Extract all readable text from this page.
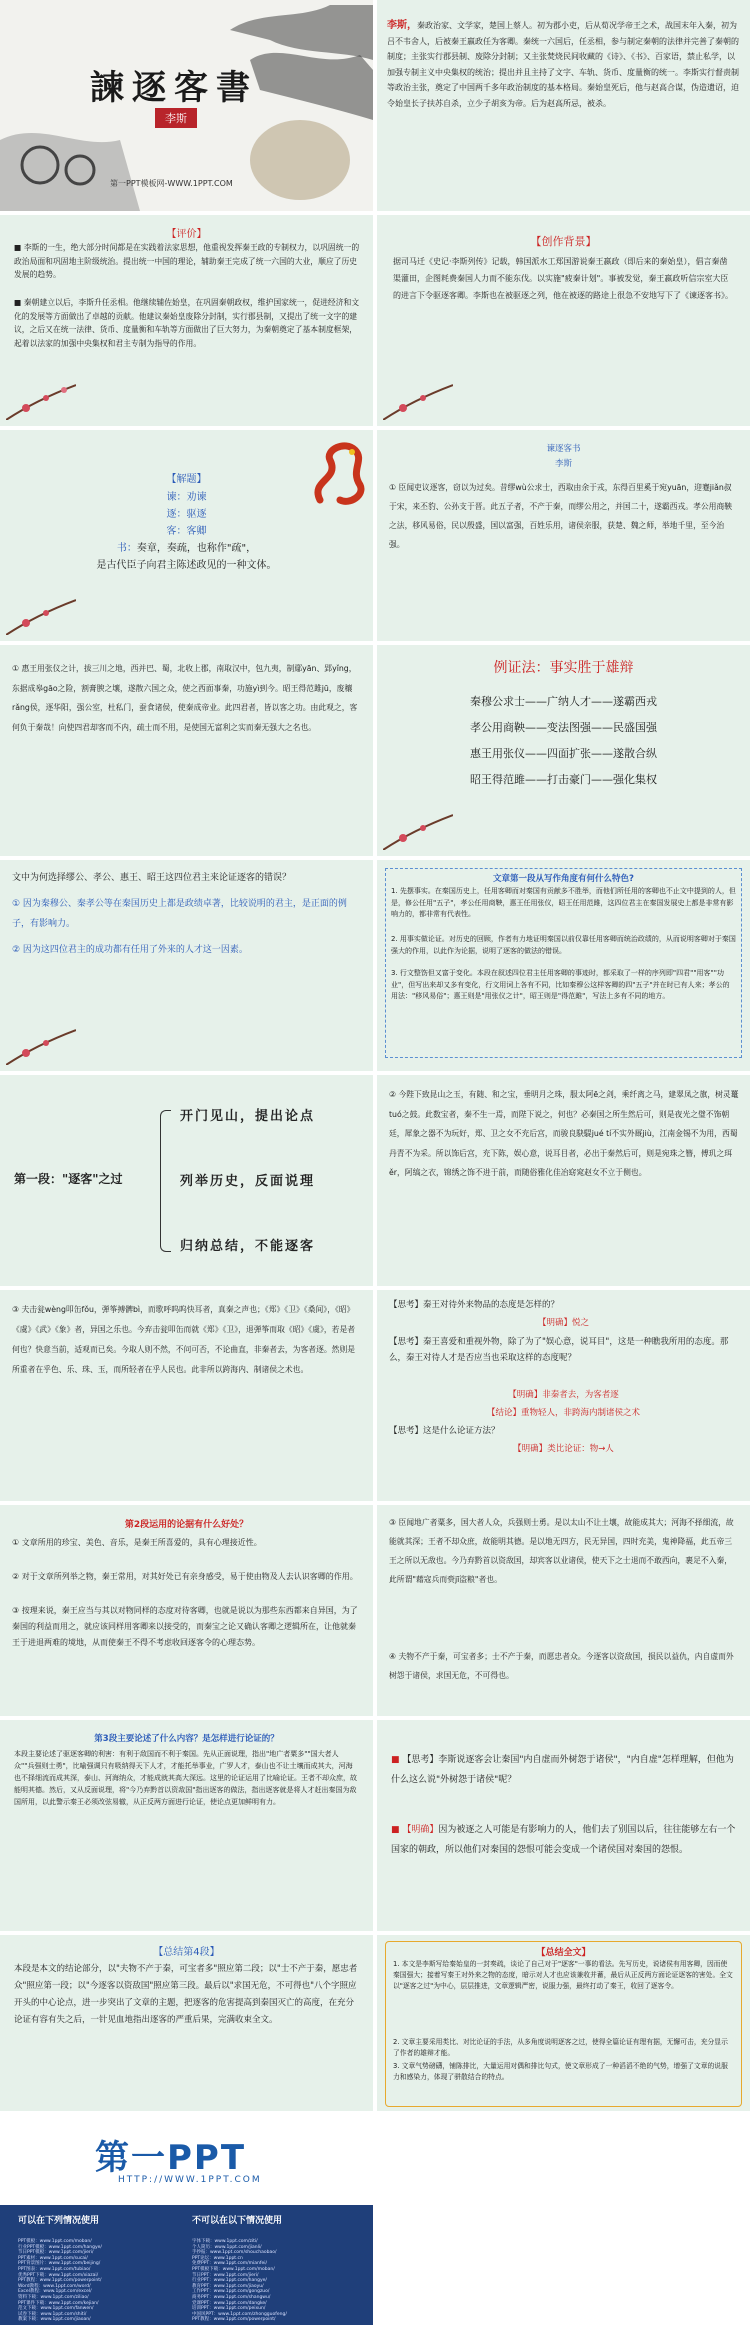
諫逐客書
李斯
第一PPT模板网-WWW.1PPT.COM
李斯，秦政治家、文学家，楚国上蔡人。初为郡小吏，后从荀况学帝王之术，战国末年入秦，初为吕不韦舍人，后被秦王嬴政任为客卿。秦统一六国后，任丞相，参与制定秦朝的法律并完善了秦朝的制度；主张实行郡县制、废除分封制；又主张焚烧民间收藏的《诗》、《书》、百家语，禁止私学，以加强专制主义中央集权的统治；提出并且主持了文字、车轨、货币、度量衡的统一。李斯实行督责制等政治主张，奠定了中国两千多年政治制度的基本格局。秦始皇死后，他与赵高合谋，伪造遗诏，迫令始皇长子扶苏自杀，立少子胡亥为帝。后为赵高所忌，被杀。
【评价】
■ 李斯的一生，绝大部分时间都是在实践着法家思想，他重视发挥秦王政的专制权力，以巩固统一的政治局面和巩固地主阶级统治。提出统一中国的理论，辅助秦王完成了统一六国的大业，顺应了历史发展的趋势。
■ 秦朝建立以后，李斯升任丞相。他继续辅佐始皇，在巩固秦朝政权，维护国家统一，促进经济和文化的发展等方面做出了卓越的贡献。他建议秦始皇废除分封制，实行郡县制，又提出了统一文字的建议，之后又在统一法律、货币、度量衡和车轨等方面做出了巨大努力，为秦朝奠定了基本制度框架，起着以法家的加强中央集权和君主专制为指导的作用。
【创作背景】
据司马迁《史记·李斯列传》记载，韩国派水工郑国游说秦王嬴政（即后来的秦始皇），倡言秦凿渠灌田，企图耗费秦国人力而不能东伐。以实施"疲秦计划"。事被发觉，秦王嬴政听信宗室大臣的进言下令驱逐客卿。李斯也在被驱逐之列，他在被逐的路途上很急不安地写下了《谏逐客书》。
【解题】
谏：劝谏
逐：驱逐
客：客卿
书：奏章，奏疏，也称作"疏"，
是古代臣子向君主陈述政见的一种文体。
谏逐客书
李斯
① 臣闻吏议逐客，窃以为过矣。昔缪wù公求士，西取由余于戎，东得百里奚于宛yuān，迎蹇jiǎn叔于宋，来丕豹、公孙支于晋。此五子者，不产于秦，而缪公用之，并国二十，遂霸西戎。孝公用商鞅之法，移风易俗，民以殷盛，国以富强，百姓乐用，诸侯亲服，获楚、魏之师，举地千里，至今治强。
① 惠王用张仪之计，拔三川之地，西并巴、蜀，北收上郡，南取汉中，包九夷，制鄢yān、郢yǐng，东据成皋gāo之险，割膏腴之壤，遂散六国之众，使之西面事秦，功施yì到今。昭王得范雎jū，废穰rǎng侯，逐华阳，强公室，杜私门，蚕食诸侯，使秦成帝业。此四君者，皆以客之功。由此观之，客何负于秦哉！向使四君却客而不内，疏士而不用，是使国无富利之实而秦无强大之名也。
例证法：事实胜于雄辩
秦穆公求士——广纳人才——遂霸西戎
孝公用商鞅——变法图强——民盛国强
惠王用张仪——四面扩张——遂散合纵
昭王得范雎——打击豪门——强化集权
文中为何选择缪公、孝公、惠王、昭王这四位君主来论证逐客的错误？
① 因为秦穆公、秦孝公等在秦国历史上都是政绩卓著，比较说明的君主，是正面的例子，有影响力。
② 因为这四位君主的成功都有任用了外来的人才这一因素。
文章第一段从写作角度有何什么特色?
1. 先摆事实。在秦国历史上，任用客卿而对秦国有贡献多不胜举，而他们所任用的客卿也不止文中提到的人，但是，修公任用"五子"，孝公任用商鞅，惠王任用张仪，昭王任用范雎，这四位君主在秦国发展史上都是非常有影响力的，都非常有代表性。
2. 用事实做论证。对历史的回顾，作者有力地证明秦国以前仅靠任用客卿而统治政绩的，从而说明客卿对于秦国强大的作用，以此作为论据，说明了逐客的做法的错误。
3. 行文整饬但又富于变化。本段在叙述四位君主任用客卿的事迹时，都采取了一样的序列即"四君""用客""功业"，但写出来却又多有变化，行文用词上各有不同，比如秦穆公这样客卿的四"五子"并在时已有人来；孝公的用法："移风易俗"；惠王则是"用张仪之计"，昭王则是"得范雎"，写法上多有不同的地方。
第一段："逐客"之过
开门见山，提出论点
列举历史，反面说理
归纳总结，不能逐客
② 今陛下致昆山之玉，有随、和之宝，垂明月之珠，服太阿ē之剑，乘纤离之马，建翠凤之旗，树灵鼍tuó之鼓。此数宝者，秦不生一焉，而陛下说之，何也？必秦国之所生然后可，则是夜光之璧不饰朝廷，犀象之器不为玩好，郑、卫之女不充后宫，而骏良駃騠jué tí不实外厩jiù，江南金锡不为用，西蜀丹青不为采。所以饰后宫，充下陈，娱心意，说耳目者，必出于秦然后可，则是宛珠之簪，傅玑之珥ěr，阿缟之衣，锦绣之饰不进于前，而随俗雅化佳冶窈窕赵女不立于侧也。
③ 夫击瓮wèng叩缶fǒu，弹筝搏髀bì，而歌呼呜呜快耳者，真秦之声也；《郑》《卫》《桑间》，《昭》《虞》《武》《象》者，异国之乐也。今弃击瓮叩缶而就《郑》《卫》，退弹筝而取《昭》《虞》，若是者何也？快意当前，适观而已矣。今取人则不然，不问可否，不论曲直，非秦者去，为客者逐。然则是所重者在乎色、乐、珠、玉，而所轻者在乎人民也。此非所以跨海内、制诸侯之术也。
【思考】秦王对待外来物品的态度是怎样的？
【明确】悦之
【思考】秦王喜爱和重视外物，除了为了"娱心意，说耳目"，这是一种瞧我所用的态度。那么，秦王对待人才是否应当也采取这样的态度呢？
【明确】非秦者去，为客者逐
【结论】重物轻人，非跨海内制诸侯之术
【思考】这是什么论证方法？
【明确】类比论证：物→人
第2段运用的论据有什么好处？
① 文章所用的珍宝、美色、音乐，是秦王所喜爱的，具有心理接近性。
② 对于文章所列举之物，秦王常用，对其好处已有亲身感受，易于使由物及人去认识客卿的作用。
③ 按理来说，秦王应当与其以对物同样的态度对待客卿，也就是说以为那些东西都来自异国，为了秦国的利益而用之，就应该同样用客卿来以接受的，而秦宝之论又确认客卿之逻辑所在，让他就秦王于进退两难的境地，从而使秦王不得不考虑收回逐客令的心理态势。
③ 臣闻地广者粟多，国大者人众，兵强则士勇。是以太山不让土壤，故能成其大；河海不择细流，故能就其深；王者不却众庶，故能明其德。是以地无四方，民无异国，四时充美，鬼神降福，此五帝三王之所以无敌也。今乃弃黔首以资敌国，却宾客以业诸侯，使天下之士退而不敢西向，裹足不入秦，此所谓"藉寇兵而赍jī盗粮"者也。
④ 夫物不产于秦，可宝者多；士不产于秦，而愿忠者众。今逐客以资敌国，损民以益仇，内自虚而外树怨于诸侯，求国无危，不可得也。
第3段主要论述了什么内容？是怎样进行论证的？
本段主要论述了驱逐客卿的利害：有利于敌国而不利于秦国。先从正面说理，指出"地广者粟多""国大者人众""兵强则士勇"，比喻强调只有吸纳得天下人才，才能托举事业，广罗人才，泰山也不让土壤而成其大，河海也不择细流而成其深，泰山、河海纳众，才能成就其高大深远。这里的论证运用了比喻论证。王者不却众庶，故能明其德。然后，又从反面说理，将"今乃弃黔首以资敌国"指出逐客的做法，指出逐客就是将人才赶出秦国为敌国所用，以此警示秦王必须改弦易辙，从正反两方面进行论证，使论点更加鲜明有力。
■ 【思考】李斯说逐客会让秦国"内自虚而外树怨于诸侯"，"内自虚"怎样理解，但他为什么这么说"外树怨于诸侯"呢？
■ 【明确】因为被逐之人可能是有影响力的人，他们去了别国以后，往往能够左右一个国家的朝政，所以他们对秦国的怨恨可能会变成一个诸侯国对秦国的怨恨。
【总结第4段】
本段是本文的结论部分，以"夫物不产于秦，可宝者多"照应第二段；以"士不产于秦，愿忠者众"照应第一段；以"今逐客以资敌国"照应第三段。最后以"求国无危，不可得也"八个字照应开头的中心论点，进一步突出了文章的主题，把逐客的危害提高到秦国灭亡的高度，在充分论证有容有失之后，一针见血地指出逐客的严重后果，完满收束全文。
【总结全文】
1. 本文是李斯写给秦始皇的一封奏疏，谈论了自己对于"逐客"一事的看法。先写历史，说诸侯有用客卿，因而使秦国强大；接着写秦王对外来之物的态度，暗示对人才也应该兼收并蓄，最后从正反两方面论证逐客的害处。全文以"逐客之过"为中心，层层推进，文章逻辑严密，说服力强，最终打动了秦王，收回了逐客令。
2. 文章主要采用类比、对比论证的手法，从多角度说明逐客之过，使得全篇论证有理有据，无懈可击，充分显示了作者的雄辩才能。
3. 文章气势磅礴，铺陈排比，大量运用对偶和排比句式，使文章形成了一种滔滔不绝的气势，增强了文章的说服力和感染力，体现了骈散结合的特点。
第一PPT
HTTP://WWW.1PPT.COM
可以在下列情况使用	不可以在以下情况使用
PPT模板：www.1ppt.com/moban/
行业PPT模板：www.1ppt.com/hangye/
节日PPT模板：www.1ppt.com/jieri/
PPT素材：www.1ppt.com/sucai/
PPT背景图片：www.1ppt.com/beijing/
PPT图表：www.1ppt.com/tubiao/
优秀PPT下载：www.1ppt.com/xiazai/
PPT教程：www.1ppt.com/powerpoint/
Word教程：www.1ppt.com/word/
Excel教程：www.1ppt.com/excel/
资料下载：www.1ppt.com/ziliao/
PPT课件下载：www.1ppt.com/kejian/
范文下载：www.1ppt.com/fanwen/
试卷下载：www.1ppt.com/shiti/
教案下载：www.1ppt.com/jiaoan/
字体下载：www.1ppt.com/ziti/
个人简历：www.1ppt.com/jianli/
手抄报：www.1ppt.com/shouchaobao/
PPT论坛：www.1ppt.cn
免费PPT：www.1ppt.com/mianfei/
PPT模板下载：www.1ppt.com/moban/
节日PPT：www.1ppt.com/jieri/
行业PPT：www.1ppt.com/hangye/
教育PPT：www.1ppt.com/jiaoyu/
工作PPT：www.1ppt.com/gongzuo/
商务PPT：www.1ppt.com/shangwu/
党课PPT：www.1ppt.com/dangke/
培训PPT：www.1ppt.com/peixun/
中国风PPT：www.1ppt.com/zhongguofeng/
PPT教程：www.1ppt.com/powerpoint/
